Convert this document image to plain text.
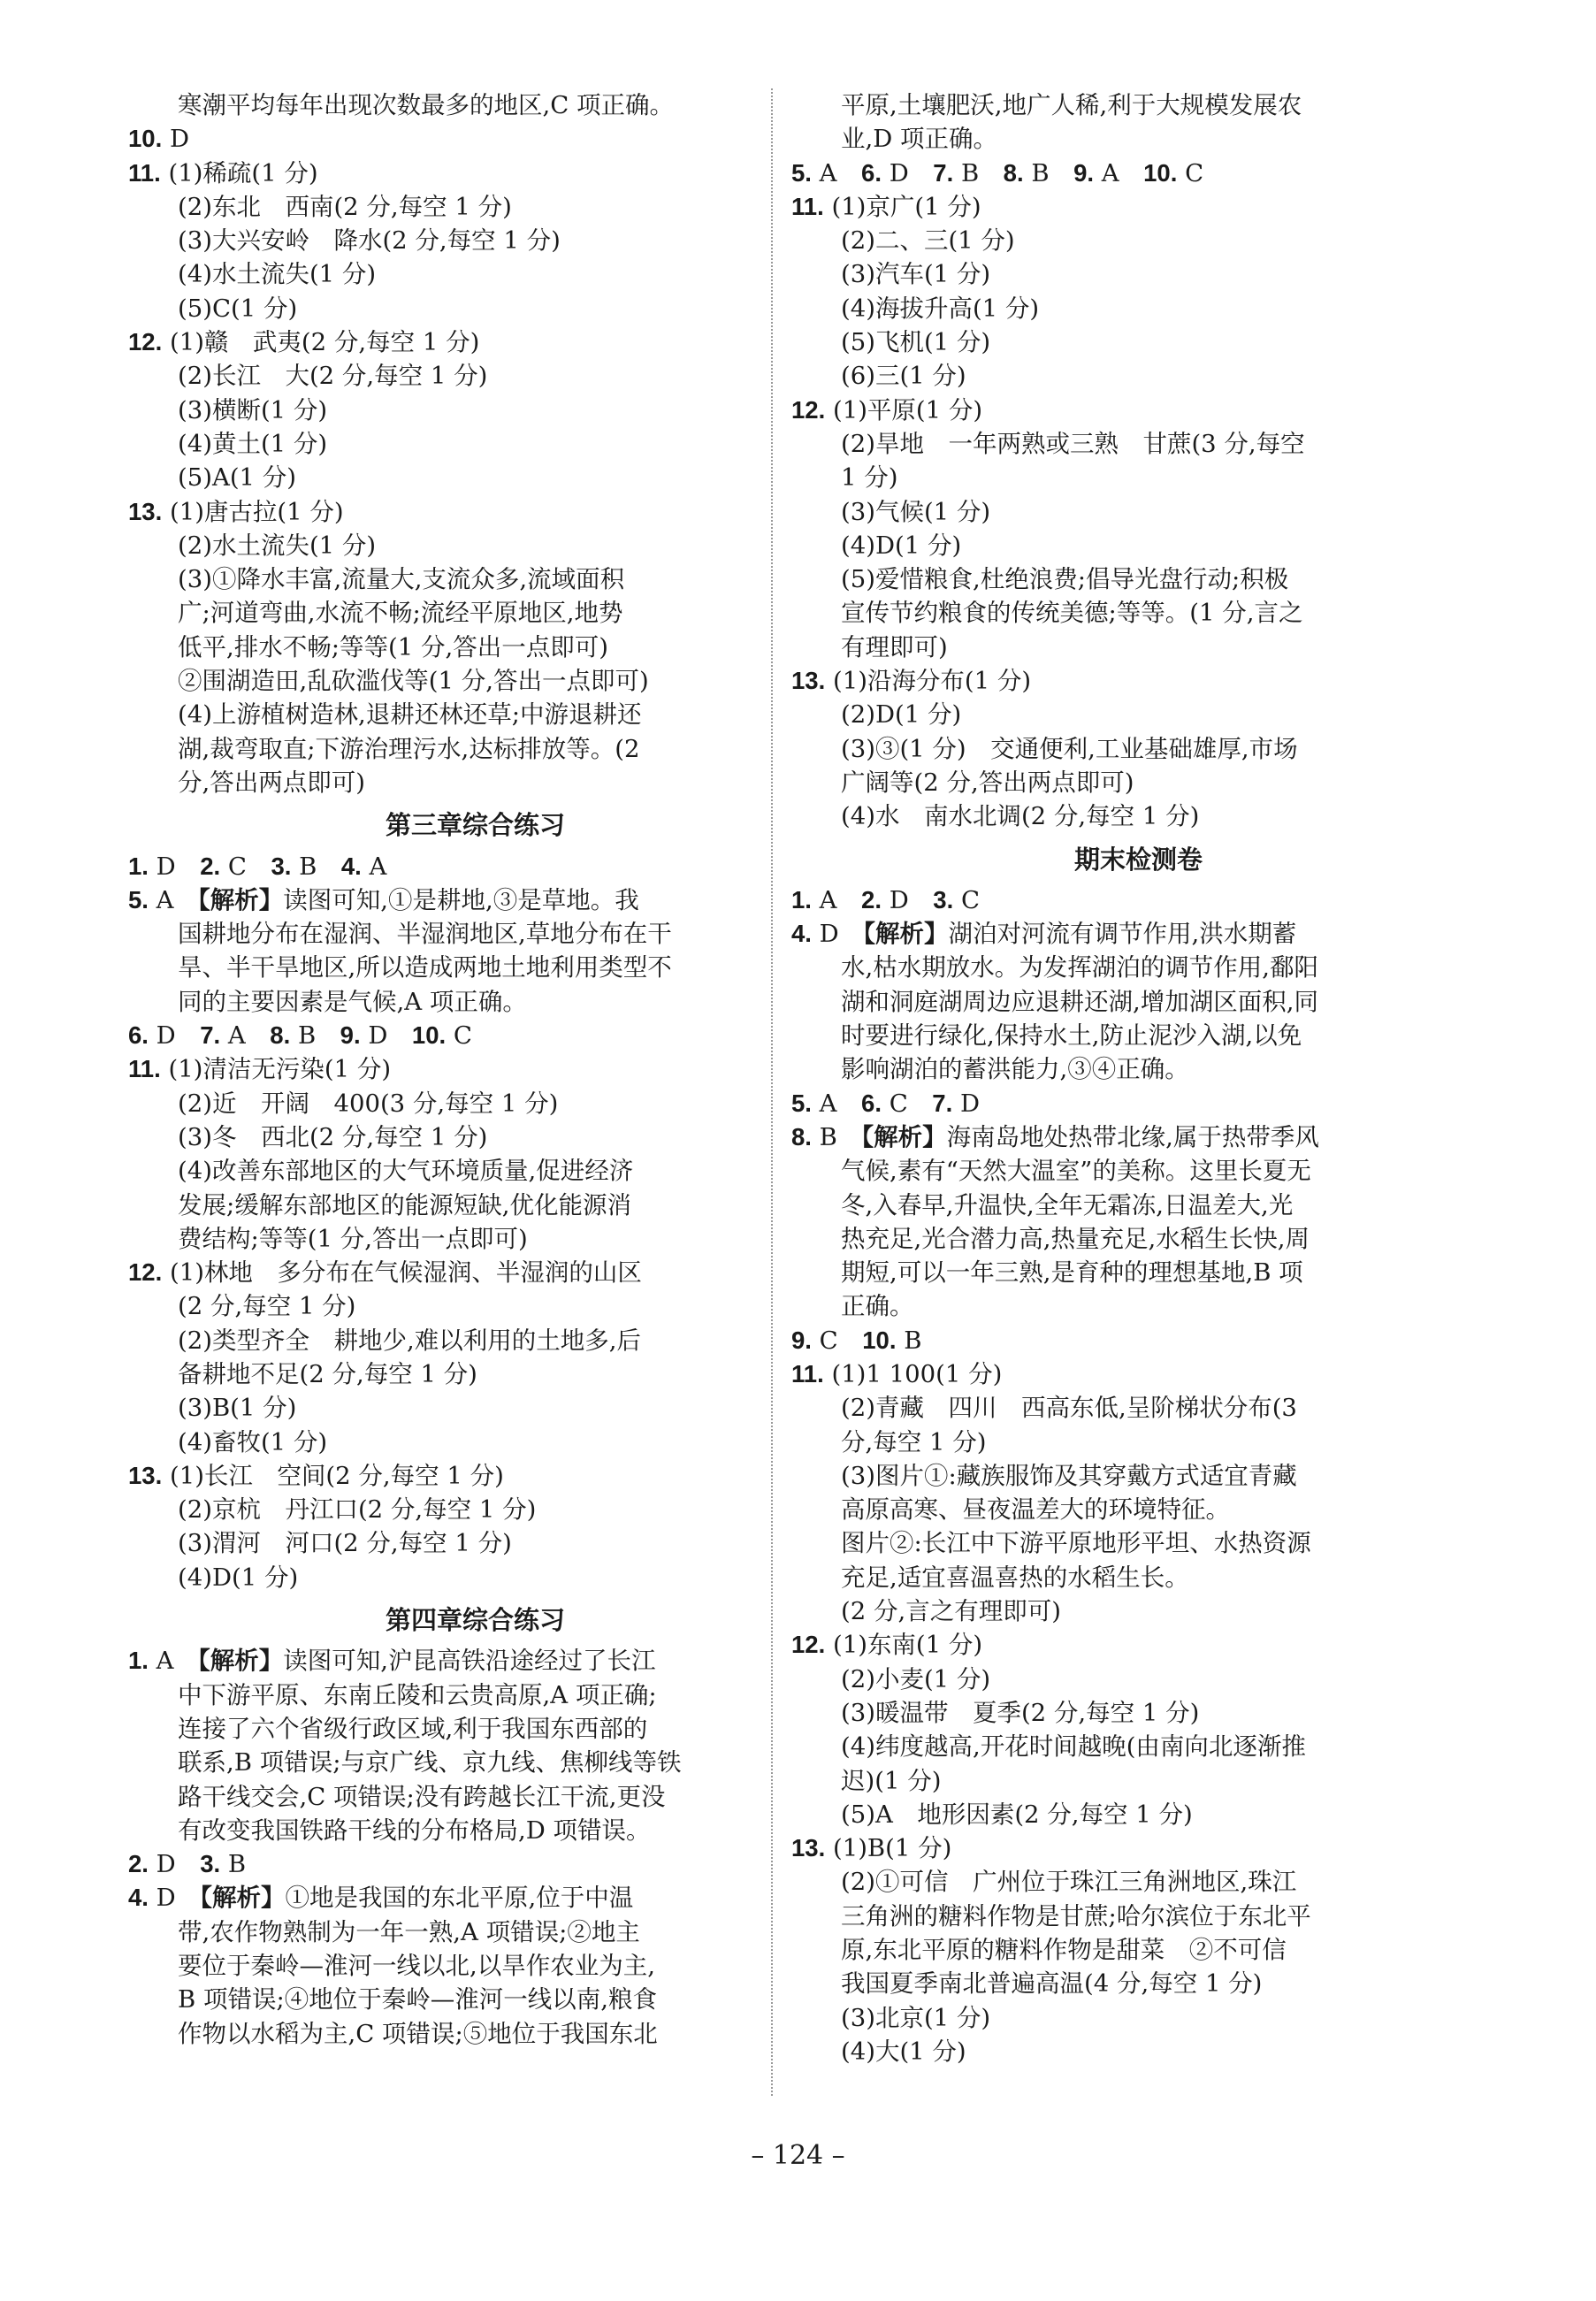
寒潮平均每年出现次数最多的地区,C 项正确。
10. D
11. (1)稀疏(1 分)
(2)东北　西南(2 分,每空 1 分)
(3)大兴安岭　降水(2 分,每空 1 分)
(4)水土流失(1 分)
(5)C(1 分)
12. (1)赣　武夷(2 分,每空 1 分)
(2)长江　大(2 分,每空 1 分)
(3)横断(1 分)
(4)黄土(1 分)
(5)A(1 分)
13. (1)唐古拉(1 分)
(2)水土流失(1 分)
(3)①降水丰富,流量大,支流众多,流域面积
广;河道弯曲,水流不畅;流经平原地区,地势
低平,排水不畅;等等(1 分,答出一点即可)
②围湖造田,乱砍滥伐等(1 分,答出一点即可)
(4)上游植树造林,退耕还林还草;中游退耕还
湖,裁弯取直;下游治理污水,达标排放等。(2
分,答出两点即可)
第三章综合练习
1. D　2. C　3. B　4. A
5. A　【解析】读图可知,①是耕地,③是草地。我
国耕地分布在湿润、半湿润地区,草地分布在干
旱、半干旱地区,所以造成两地土地利用类型不
同的主要因素是气候,A 项正确。
6. D　7. A　8. B　9. D　10. C
11. (1)清洁无污染(1 分)
(2)近　开阔　400(3 分,每空 1 分)
(3)冬　西北(2 分,每空 1 分)
(4)改善东部地区的大气环境质量,促进经济
发展;缓解东部地区的能源短缺,优化能源消
费结构;等等(1 分,答出一点即可)
12. (1)林地　多分布在气候湿润、半湿润的山区
(2 分,每空 1 分)
(2)类型齐全　耕地少,难以利用的土地多,后
备耕地不足(2 分,每空 1 分)
(3)B(1 分)
(4)畜牧(1 分)
13. (1)长江　空间(2 分,每空 1 分)
(2)京杭　丹江口(2 分,每空 1 分)
(3)渭河　河口(2 分,每空 1 分)
(4)D(1 分)
第四章综合练习
1. A　【解析】读图可知,沪昆高铁沿途经过了长江
中下游平原、东南丘陵和云贵高原,A 项正确;
连接了六个省级行政区域,利于我国东西部的
联系,B 项错误;与京广线、京九线、焦柳线等铁
路干线交会,C 项错误;没有跨越长江干流,更没
有改变我国铁路干线的分布格局,D 项错误。
2. D　3. B
4. D　【解析】①地是我国的东北平原,位于中温
带,农作物熟制为一年一熟,A 项错误;②地主
要位于秦岭—淮河一线以北,以旱作农业为主,
B 项错误;④地位于秦岭—淮河一线以南,粮食
作物以水稻为主,C 项错误;⑤地位于我国东北
平原,土壤肥沃,地广人稀,利于大规模发展农
业,D 项正确。
5. A　6. D　7. B　8. B　9. A　10. C
11. (1)京广(1 分)
(2)二、三(1 分)
(3)汽车(1 分)
(4)海拔升高(1 分)
(5)飞机(1 分)
(6)三(1 分)
12. (1)平原(1 分)
(2)旱地　一年两熟或三熟　甘蔗(3 分,每空
1 分)
(3)气候(1 分)
(4)D(1 分)
(5)爱惜粮食,杜绝浪费;倡导光盘行动;积极
宣传节约粮食的传统美德;等等。(1 分,言之
有理即可)
13. (1)沿海分布(1 分)
(2)D(1 分)
(3)③(1 分)　交通便利,工业基础雄厚,市场
广阔等(2 分,答出两点即可)
(4)水　南水北调(2 分,每空 1 分)
期末检测卷
1. A　2. D　3. C
4. D　【解析】湖泊对河流有调节作用,洪水期蓄
水,枯水期放水。为发挥湖泊的调节作用,鄱阳
湖和洞庭湖周边应退耕还湖,增加湖区面积,同
时要进行绿化,保持水土,防止泥沙入湖,以免
影响湖泊的蓄洪能力,③④正确。
5. A　6. C　7. D
8. B　【解析】海南岛地处热带北缘,属于热带季风
气候,素有“天然大温室”的美称。这里长夏无
冬,入春早,升温快,全年无霜冻,日温差大,光
热充足,光合潜力高,热量充足,水稻生长快,周
期短,可以一年三熟,是育种的理想基地,B 项
正确。
9. C　10. B
11. (1)1 100(1 分)
(2)青藏　四川　西高东低,呈阶梯状分布(3
分,每空 1 分)
(3)图片①:藏族服饰及其穿戴方式适宜青藏
高原高寒、昼夜温差大的环境特征。
图片②:长江中下游平原地形平坦、水热资源
充足,适宜喜温喜热的水稻生长。
(2 分,言之有理即可)
12. (1)东南(1 分)
(2)小麦(1 分)
(3)暖温带　夏季(2 分,每空 1 分)
(4)纬度越高,开花时间越晚(由南向北逐渐推
迟)(1 分)
(5)A　地形因素(2 分,每空 1 分)
13. (1)B(1 分)
(2)①可信　广州位于珠江三角洲地区,珠江
三角洲的糖料作物是甘蔗;哈尔滨位于东北平
原,东北平原的糖料作物是甜菜　②不可信
我国夏季南北普遍高温(4 分,每空 1 分)
(3)北京(1 分)
(4)大(1 分)
– 124 –
